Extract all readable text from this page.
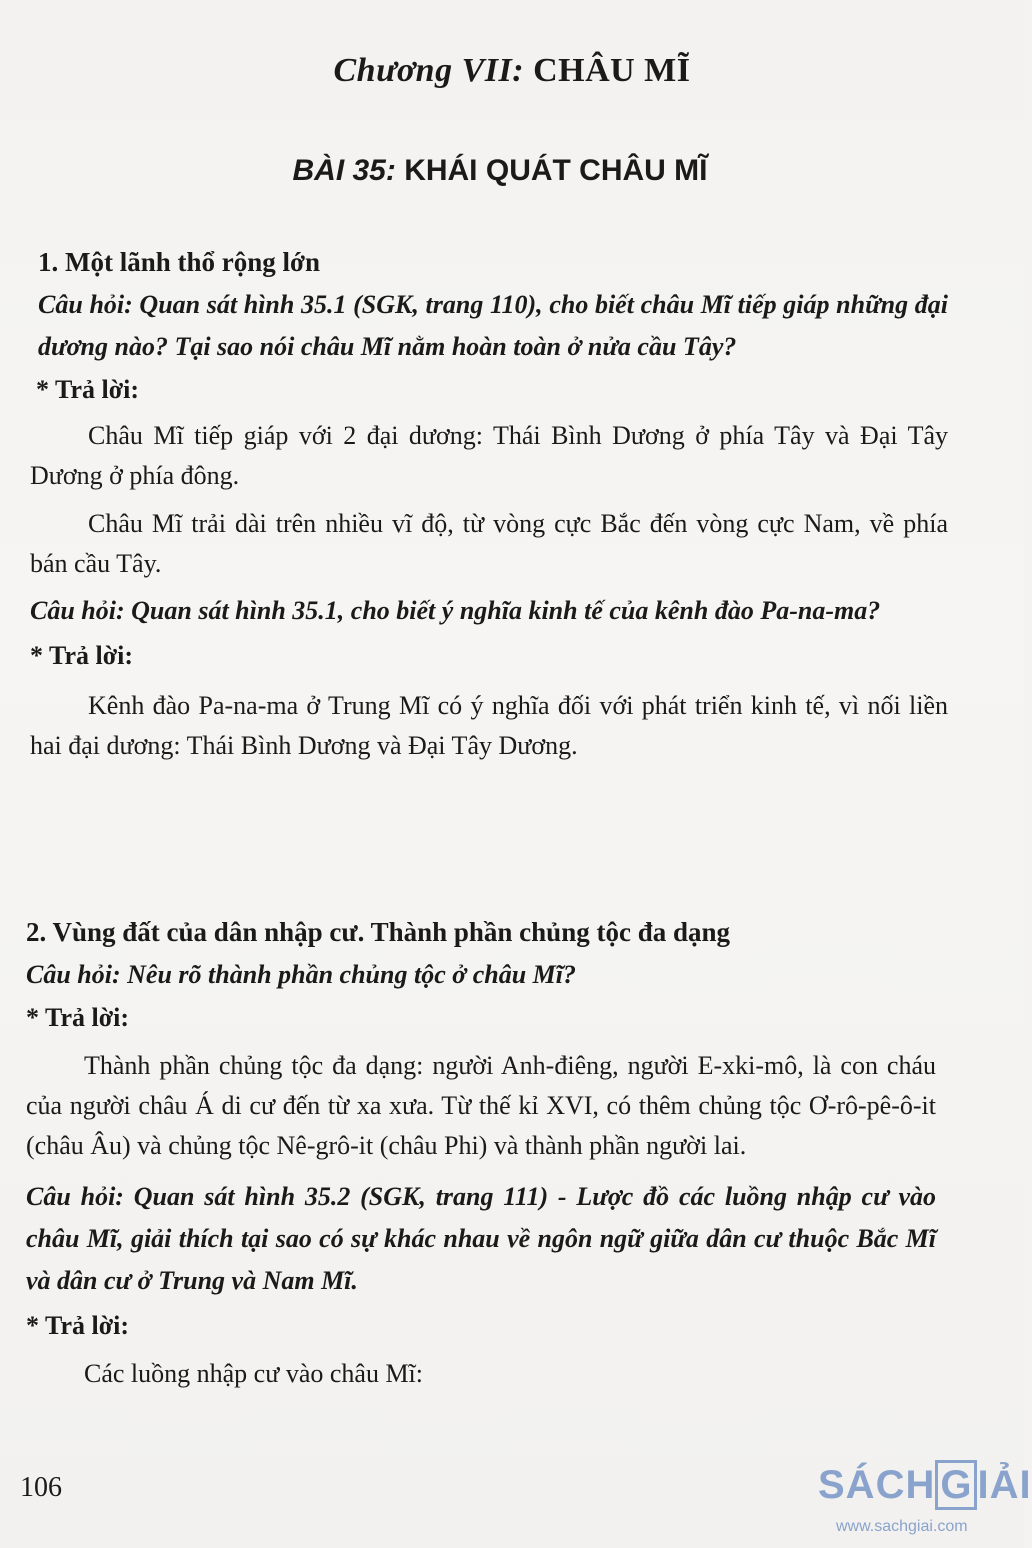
Chương VII: CHÂU MĨ
BÀI 35: KHÁI QUÁT CHÂU MĨ
1. Một lãnh thổ rộng lớn
Câu hỏi: Quan sát hình 35.1 (SGK, trang 110), cho biết châu Mĩ tiếp giáp những đại dương nào? Tại sao nói châu Mĩ nằm hoàn toàn ở nửa cầu Tây?
* Trả lời:
Châu Mĩ tiếp giáp với 2 đại dương: Thái Bình Dương ở phía Tây và Đại Tây Dương ở phía đông.
Châu Mĩ trải dài trên nhiều vĩ độ, từ vòng cực Bắc đến vòng cực Nam, về phía bán cầu Tây.
Câu hỏi: Quan sát hình 35.1, cho biết ý nghĩa kinh tế của kênh đào Pa-na-ma?
* Trả lời:
Kênh đào Pa-na-ma ở Trung Mĩ có ý nghĩa đối với phát triển kinh tế, vì nối liền hai đại dương: Thái Bình Dương và Đại Tây Dương.
2. Vùng đất của dân nhập cư. Thành phần chủng tộc đa dạng
Câu hỏi: Nêu rõ thành phần chủng tộc ở châu Mĩ?
* Trả lời:
Thành phần chủng tộc đa dạng: người Anh-điêng, người E-xki-mô, là con cháu của người châu Á di cư đến từ xa xưa. Từ thế kỉ XVI, có thêm chủng tộc Ơ-rô-pê-ô-it (châu Âu) và chủng tộc Nê-grô-it (châu Phi) và thành phần người lai.
Câu hỏi: Quan sát hình 35.2 (SGK, trang 111) - Lược đồ các luồng nhập cư vào châu Mĩ, giải thích tại sao có sự khác nhau về ngôn ngữ giữa dân cư thuộc Bắc Mĩ và dân cư ở Trung và Nam Mĩ.
* Trả lời:
Các luồng nhập cư vào châu Mĩ:
106	SÁCH G IẢI
www.sachgiai.com
